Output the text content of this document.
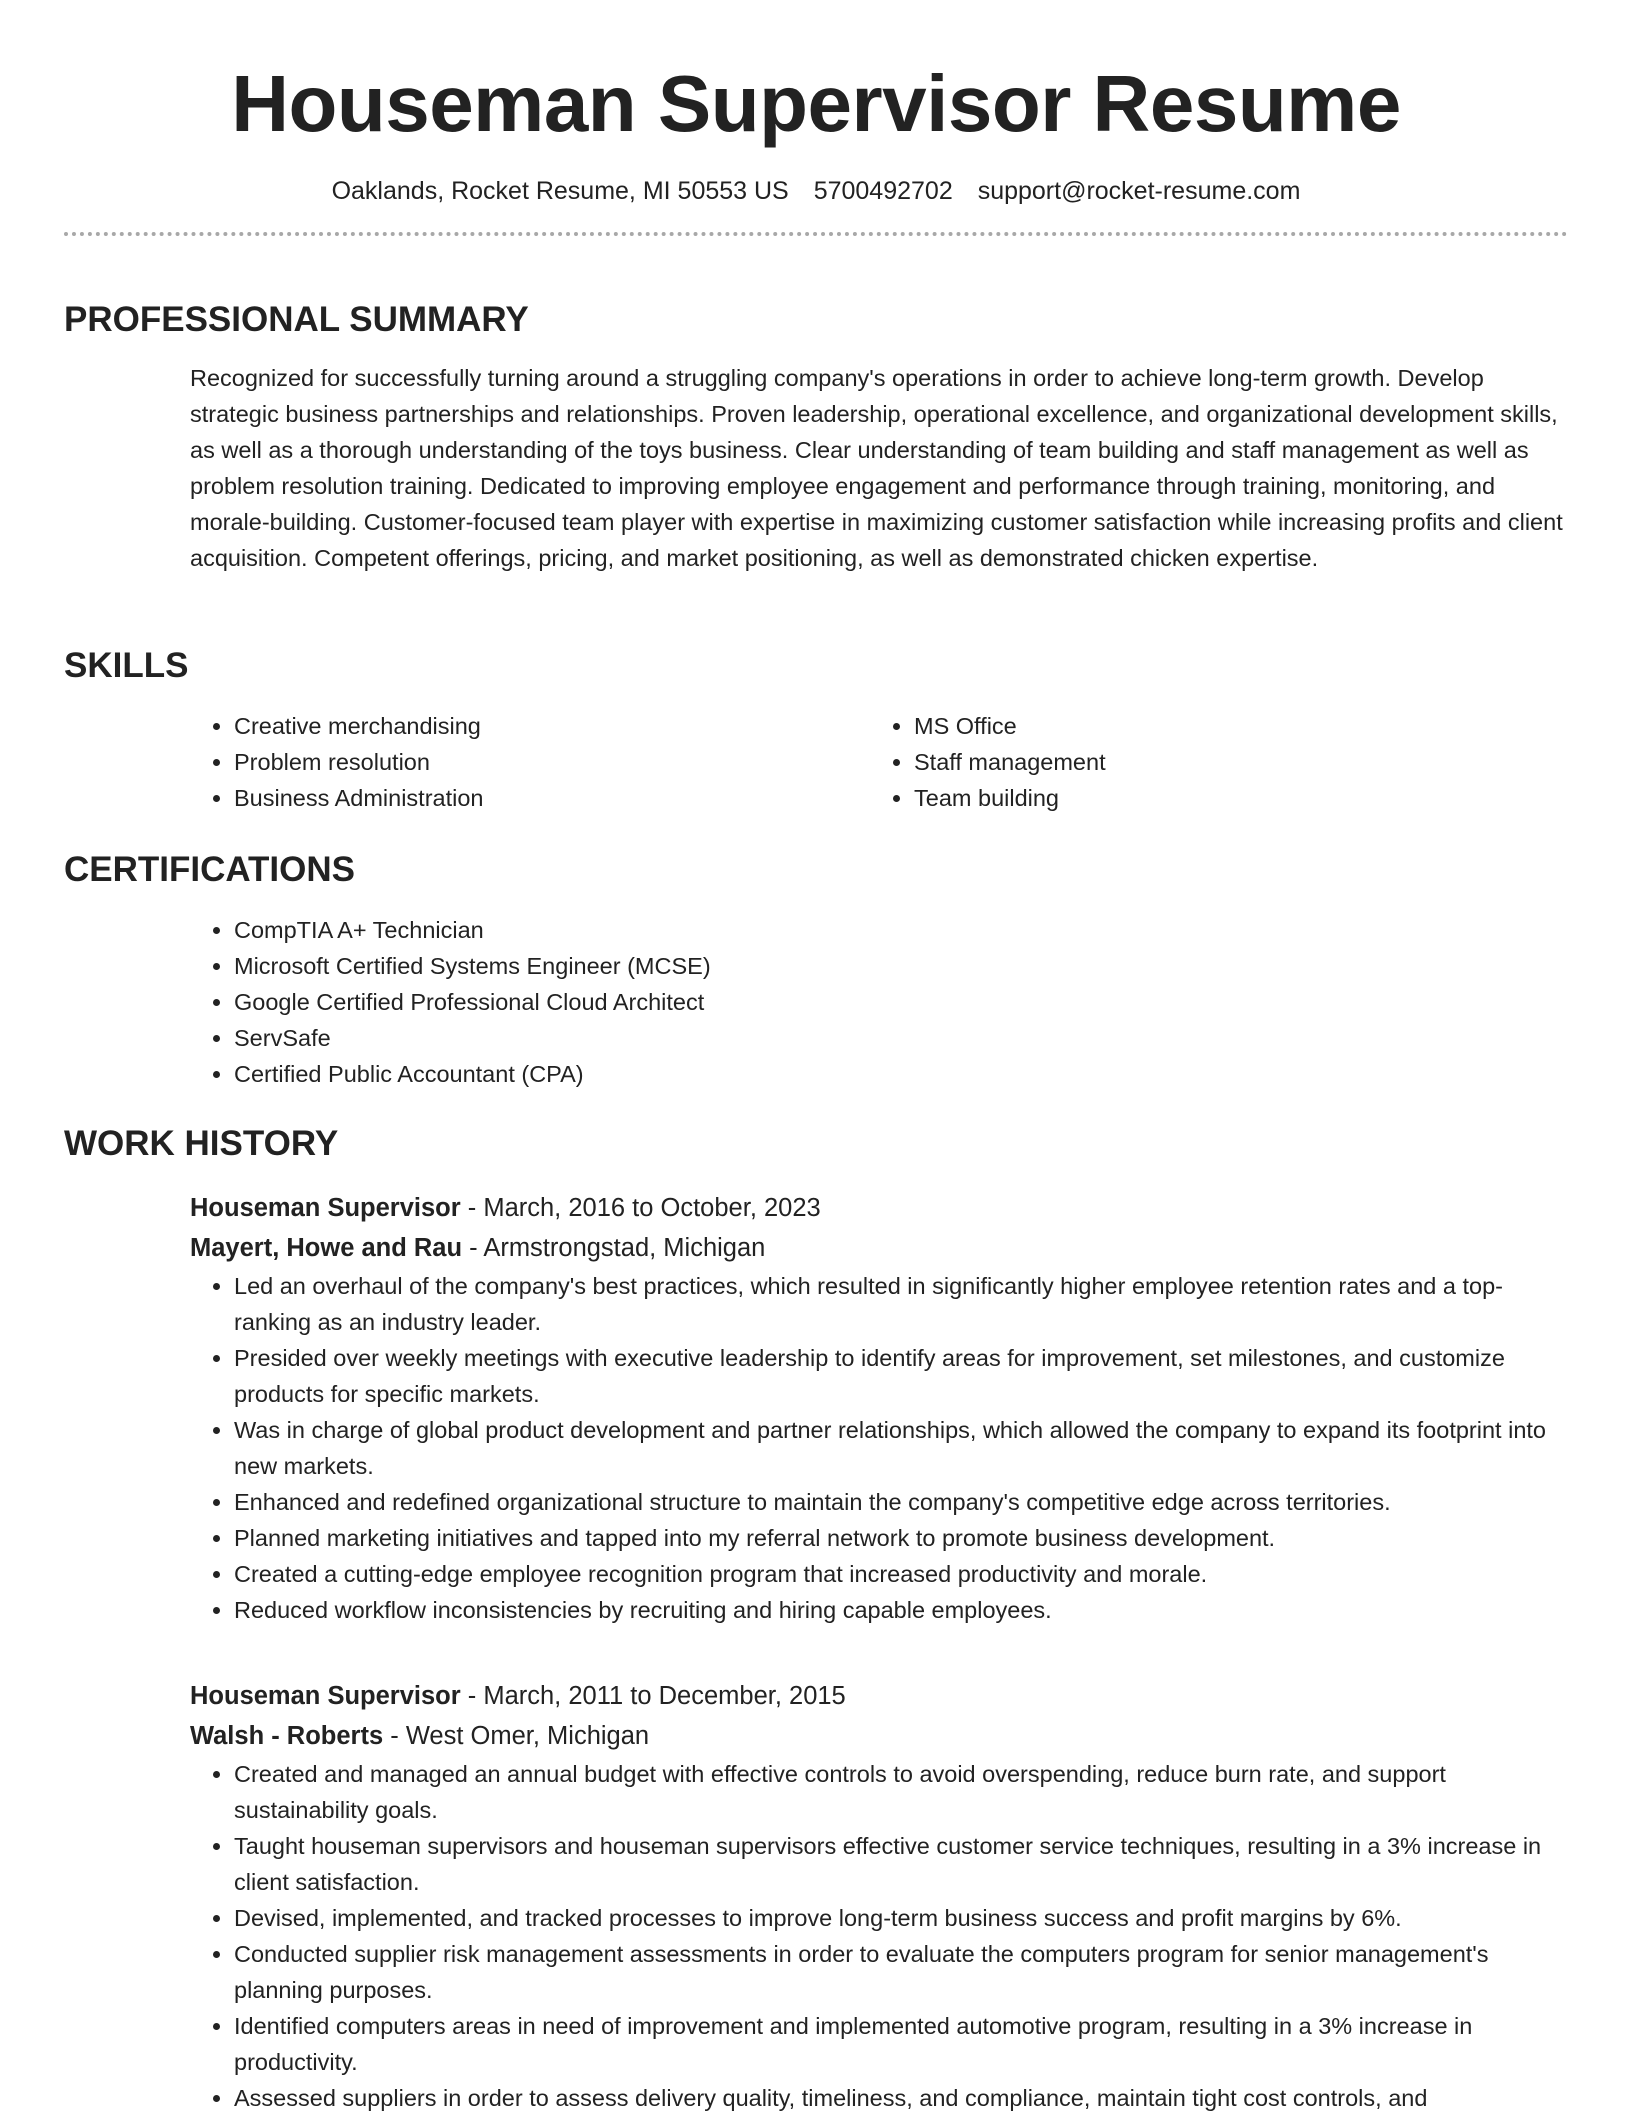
Houseman Supervisor Resume
Oaklands, Rocket Resume, MI 50553 US 5700492702 support@rocket-resume.com
PROFESSIONAL SUMMARY
Recognized for successfully turning around a struggling company's operations in order to achieve long-term growth. Develop strategic business partnerships and relationships. Proven leadership, operational excellence, and organizational development skills, as well as a thorough understanding of the toys business. Clear understanding of team building and staff management as well as problem resolution training. Dedicated to improving employee engagement and performance through training, monitoring, and morale-building. Customer-focused team player with expertise in maximizing customer satisfaction while increasing profits and client acquisition. Competent offerings, pricing, and market positioning, as well as demonstrated chicken expertise.
SKILLS
• Creative merchandising
• Problem resolution
• Business Administration
• MS Office
• Staff management
• Team building
CERTIFICATIONS
• CompTIA A+ Technician
• Microsoft Certified Systems Engineer (MCSE)
• Google Certified Professional Cloud Architect
• ServSafe
• Certified Public Accountant (CPA)
WORK HISTORY
Houseman Supervisor - March, 2016 to October, 2023
Mayert, Howe and Rau - Armstrongstad, Michigan
• Led an overhaul of the company's best practices, which resulted in significantly higher employee retention rates and a top-ranking as an industry leader.
• Presided over weekly meetings with executive leadership to identify areas for improvement, set milestones, and customize products for specific markets.
• Was in charge of global product development and partner relationships, which allowed the company to expand its footprint into new markets.
• Enhanced and redefined organizational structure to maintain the company's competitive edge across territories.
• Planned marketing initiatives and tapped into my referral network to promote business development.
• Created a cutting-edge employee recognition program that increased productivity and morale.
• Reduced workflow inconsistencies by recruiting and hiring capable employees.
Houseman Supervisor - March, 2011 to December, 2015
Walsh - Roberts - West Omer, Michigan
• Created and managed an annual budget with effective controls to avoid overspending, reduce burn rate, and support sustainability goals.
• Taught houseman supervisors and houseman supervisors effective customer service techniques, resulting in a 3% increase in client satisfaction.
• Devised, implemented, and tracked processes to improve long-term business success and profit margins by 6%.
• Conducted supplier risk management assessments in order to evaluate the computers program for senior management's planning purposes.
• Identified computers areas in need of improvement and implemented automotive program, resulting in a 3% increase in productivity.
• Assessed suppliers in order to assess delivery quality, timeliness, and compliance, maintain tight cost controls, and
